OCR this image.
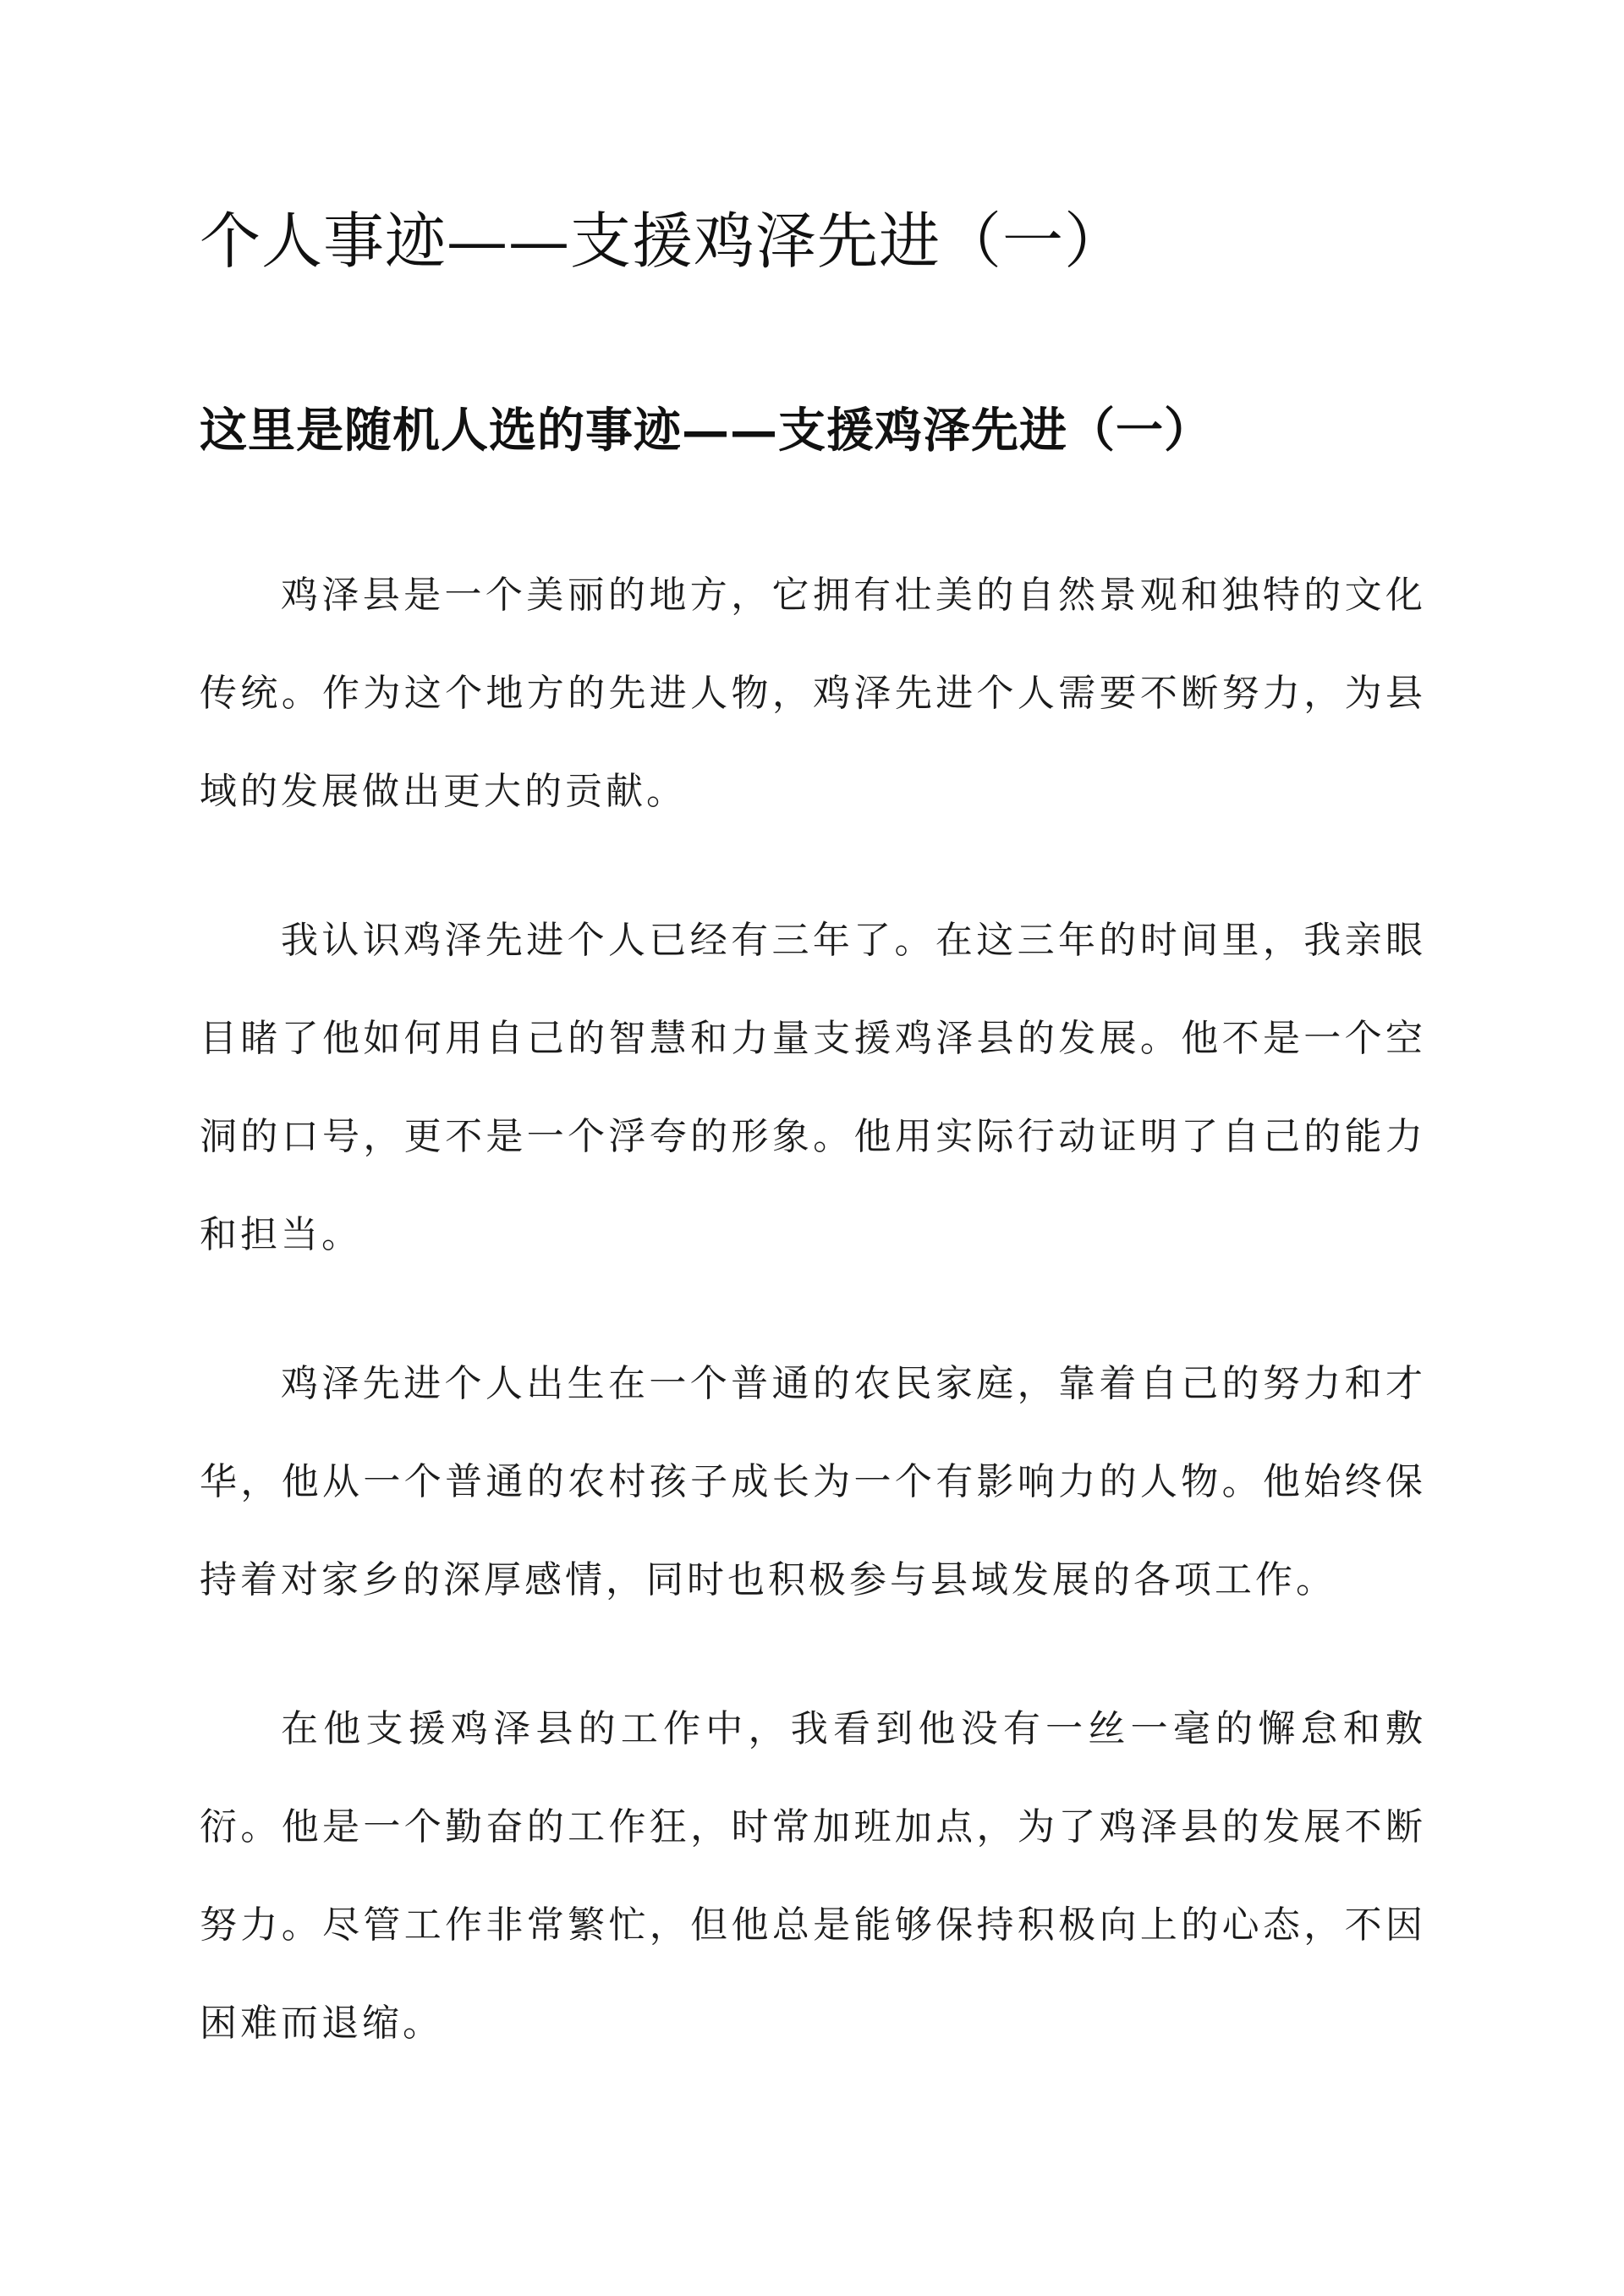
个人事迹——支援鸡泽先进（一）
这里是随机人选的事迹——支援鸡泽先进（一）

鸡泽县是一个美丽的地方，它拥有壮美的自然景观和独特的文化传统。作为这个地方的先进人物，鸡泽先进个人需要不断努力，为县域的发展做出更大的贡献。

我认识鸡泽先进个人已经有三年了。在这三年的时间里，我亲眼目睹了他如何用自己的智慧和力量支援鸡泽县的发展。他不是一个空洞的口号，更不是一个浮夸的形象。他用实际行动证明了自己的能力和担当。

鸡泽先进个人出生在一个普通的农民家庭，靠着自己的努力和才华，他从一个普通的农村孩子成长为一个有影响力的人物。他始终保持着对家乡的深厚感情，同时也积极参与县域发展的各项工作。

在他支援鸡泽县的工作中，我看到他没有一丝一毫的懈怠和敷衍。他是一个勤奋的工作狂，时常加班加点，为了鸡泽县的发展不断努力。尽管工作非常繁忙，但他总是能够保持积极向上的心态，不因困难而退缩。
